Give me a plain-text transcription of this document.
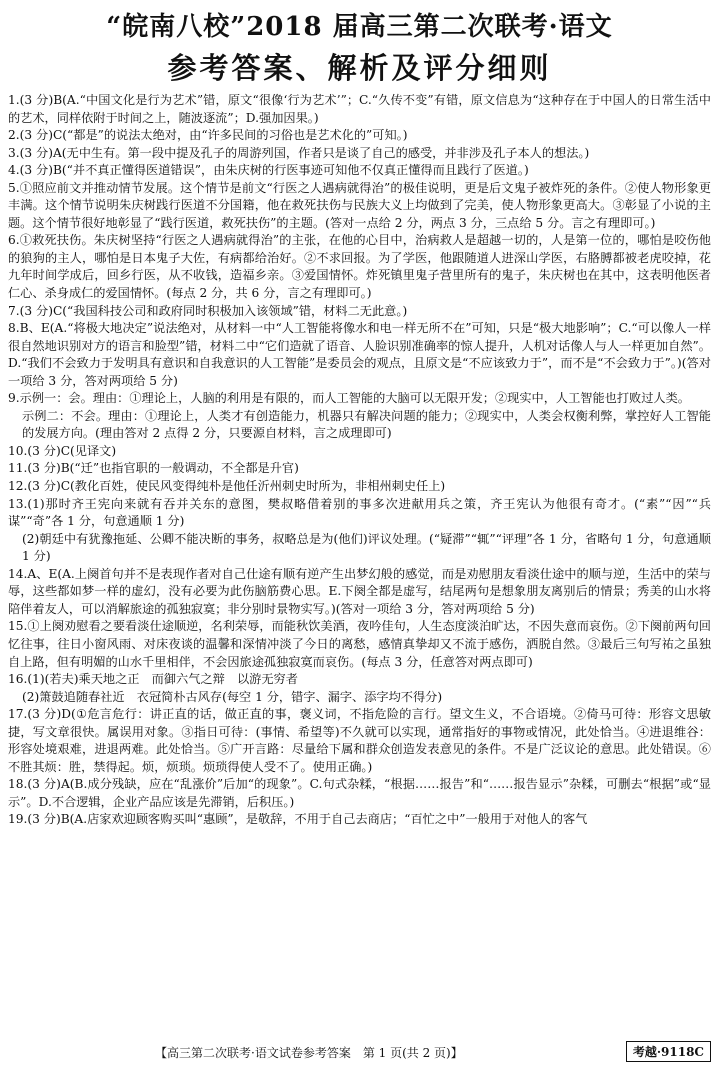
“皖南八校”2018 届高三第二次联考·语文
参考答案、解析及评分细则

1.(3 分)B(A.“中国文化是行为艺术”错，原文“很像‘行为艺术’”；C.“久传不变”有错，原文信息为“这种存在于中国人的日常生活中的艺术，同样依附于时间之上，随波逐流”；D.强加因果。)

2.(3 分)C(“都是”的说法太绝对，由“许多民间的习俗也是艺术化的”可知。)

3.(3 分)A(无中生有。第一段中提及孔子的周游列国，作者只是谈了自己的感受，并非涉及孔子本人的想法。)

4.(3 分)B(“并不真正懂得医道错误”，由朱庆树的行医事迹可知他不仅真正懂得而且践行了医道。)

5.①照应前文并推动情节发展。这个情节是前文“行医之人遇病就得治”的极佳说明，更是后文鬼子被炸死的条件。②使人物形象更丰满。这个情节说明朱庆树践行医道不分国籍，他在救死扶伤与民族大义上均做到了完美，使人物形象更高大。③彰显了小说的主题。这个情节很好地彰显了“践行医道，救死扶伤”的主题。(答对一点给 2 分，两点 3 分，三点给 5 分。言之有理即可。)

6.①救死扶伤。朱庆树坚持“行医之人遇病就得治”的主张，在他的心目中，治病救人是超越一切的，人是第一位的，哪怕是咬伤他的狼狗的主人，哪怕是日本鬼子大佐，有病都给治好。②不求回报。为了学医，他跟随道人进深山学医，右胳膊都被老虎咬掉，花九年时间学成后，回乡行医，从不收钱，造福乡亲。③爱国情怀。炸死镇里鬼子营里所有的鬼子，朱庆树也在其中，这表明他医者仁心、杀身成仁的爱国情怀。(每点 2 分，共 6 分，言之有理即可。)

7.(3 分)C(“我国科技公司和政府同时积极加入该领域”错，材料二无此意。)

8.B、E(A.“将极大地决定”说法绝对，从材料一中“人工智能将像水和电一样无所不在”可知，只是“极大地影响”；C.“可以像人一样很自然地识别对方的语言和脸型”错，材料二中“它们造就了语音、人脸识别准确率的惊人提升，人机对话像人与人一样更加自然”。D.“我们不会致力于发明具有意识和自我意识的人工智能”是委员会的观点，且原文是“不应该致力于”，而不是“不会致力于”。)(答对一项给 3 分，答对两项给 5 分)

9.示例一：会。理由：①理论上，人脑的利用是有限的，而人工智能的大脑可以无限开发；②现实中，人工智能也打败过人类。

示例二：不会。理由：①理论上，人类才有创造能力，机器只有解决问题的能力；②现实中，人类会权衡利弊，掌控好人工智能的发展方向。(理由答对 2 点得 2 分，只要源自材料，言之成理即可)

10.(3 分)C(见译文)

11.(3 分)B(“迁”也指官职的一般调动，不全都是升官)

12.(3 分)C(教化百姓，使民风变得纯朴是他任沂州刺史时所为，非相州刺史任上)

13.(1)那时齐王宪向来就有吞并关东的意图，樊叔略借着别的事多次进献用兵之策，齐王宪认为他很有奇才。(“素”“因”“兵谋”“奇”各 1 分，句意通顺 1 分)

(2)朝廷中有犹豫拖延、公卿不能决断的事务，叔略总是为(他们)评议处理。(“疑滞”“辄”“评理”各 1 分，省略句 1 分，句意通顺 1 分)

14.A、E(A.上阕首句并不是表现作者对自己仕途有顺有逆产生出梦幻般的感觉，而是劝慰朋友看淡仕途中的顺与逆，生活中的荣与辱，这些都如梦一样的虚幻，没有必要为此伤脑筋费心思。E.下阕全都是虚写，结尾两句是想象朋友离别后的情景；秀美的山水将陪伴着友人，可以消解旅途的孤独寂寞；非分别时景物实写。)(答对一项给 3 分，答对两项给 5 分)

15.①上阕劝慰看之要看淡仕途顺逆，名利荣辱，而能秋饮美酒，夜吟佳句，人生态度淡泊旷达，不因失意而哀伤。②下阕前两句回忆往事，往日小窗风雨、对床夜谈的温馨和深情冲淡了今日的离愁，感情真挚却又不流于感伤，洒脱自然。③最后三句写祐之虽独自上路，但有明媚的山水千里相伴，不会因旅途孤独寂寞而哀伤。(每点 3 分，任意答对两点即可)

16.(1)(若夫)乘天地之正　而御六气之辩　以游无穷者

(2)箫鼓追随春社近　衣冠简朴古风存(每空 1 分，错字、漏字、添字均不得分)

17.(3 分)D(①危言危行：讲正直的话，做正直的事，褒义词，不指危险的言行。望文生义，不合语境。②倚马可待：形容文思敏捷，写文章很快。属误用对象。③指日可待：(事情、希望等)不久就可以实现，通常指好的事物或情况，此处恰当。④进退维谷：形容处境艰难，进退两难。此处恰当。⑤广开言路：尽量给下属和群众创造发表意见的条件。不是广泛议论的意思。此处错误。⑥不胜其烦：胜，禁得起。烦，烦琐。烦琐得使人受不了。使用正确。)

18.(3 分)A(B.成分残缺，应在“乱涨价”后加“的现象”。C.句式杂糅，“根据……报告”和“……报告显示”杂糅，可删去“根据”或“显示”。D.不合逻辑，企业产品应该是先滞销，后积压。)

19.(3 分)B(A.店家欢迎顾客购买叫“惠顾”，是敬辞，不用于自己去商店；“百忙之中”一般用于对他人的客气

【高三第二次联考·语文试卷参考答案　第 1 页(共 2 页)】	考越·9118C
